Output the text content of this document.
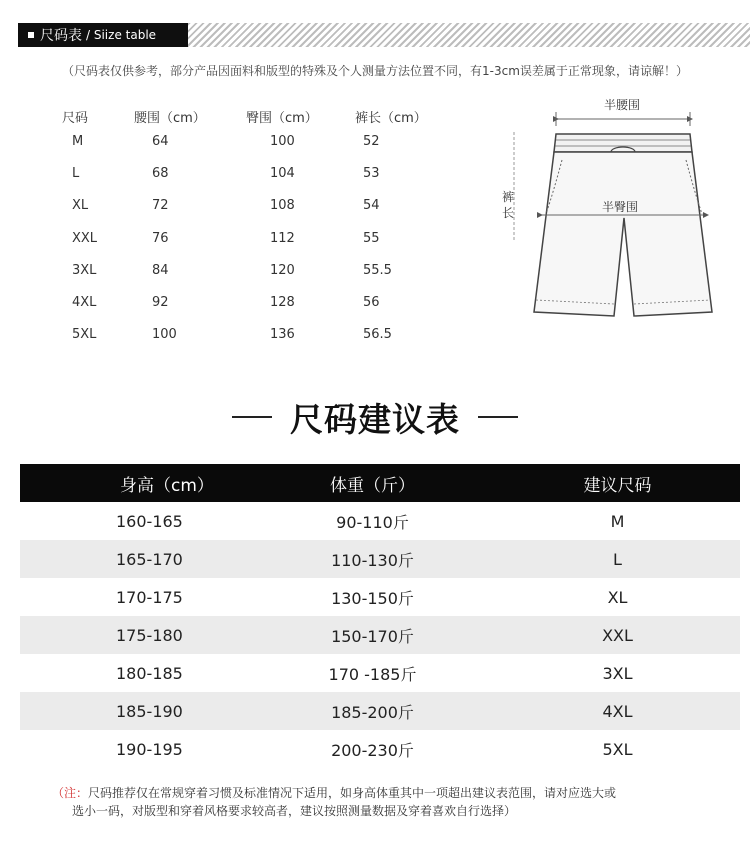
尺码表 / Siize table
（尺码表仅供参考，部分产品因面料和版型的特殊及个人测量方法位置不同，有1-3cm误差属于正常现象，请谅解！）
尺码	腰围（cm）	臀围（cm）	裤长（cm）
M	64	100	52
L	68	104	53
XL	72	108	54
XXL	76	112	55
3XL	84	120	55.5
4XL	92	128	56
5XL	100	136	56.5
半腰围
半臀围
裤
长
尺码建议表
身高（cm）	体重（斤）	建议尺码
160-165	90-110斤	M
165-170	110-130斤	L
170-175	130-150斤	XL
175-180	150-170斤	XXL
180-185	170 -185斤	3XL
185-190	185-200斤	4XL
190-195	200-230斤	5XL
（注：尺码推荐仅在常规穿着习惯及标准情况下适用，如身高体重其中一项超出建议表范围，请对应选大或
选小一码，对版型和穿着风格要求较高者，建议按照测量数据及穿着喜欢自行选择）
